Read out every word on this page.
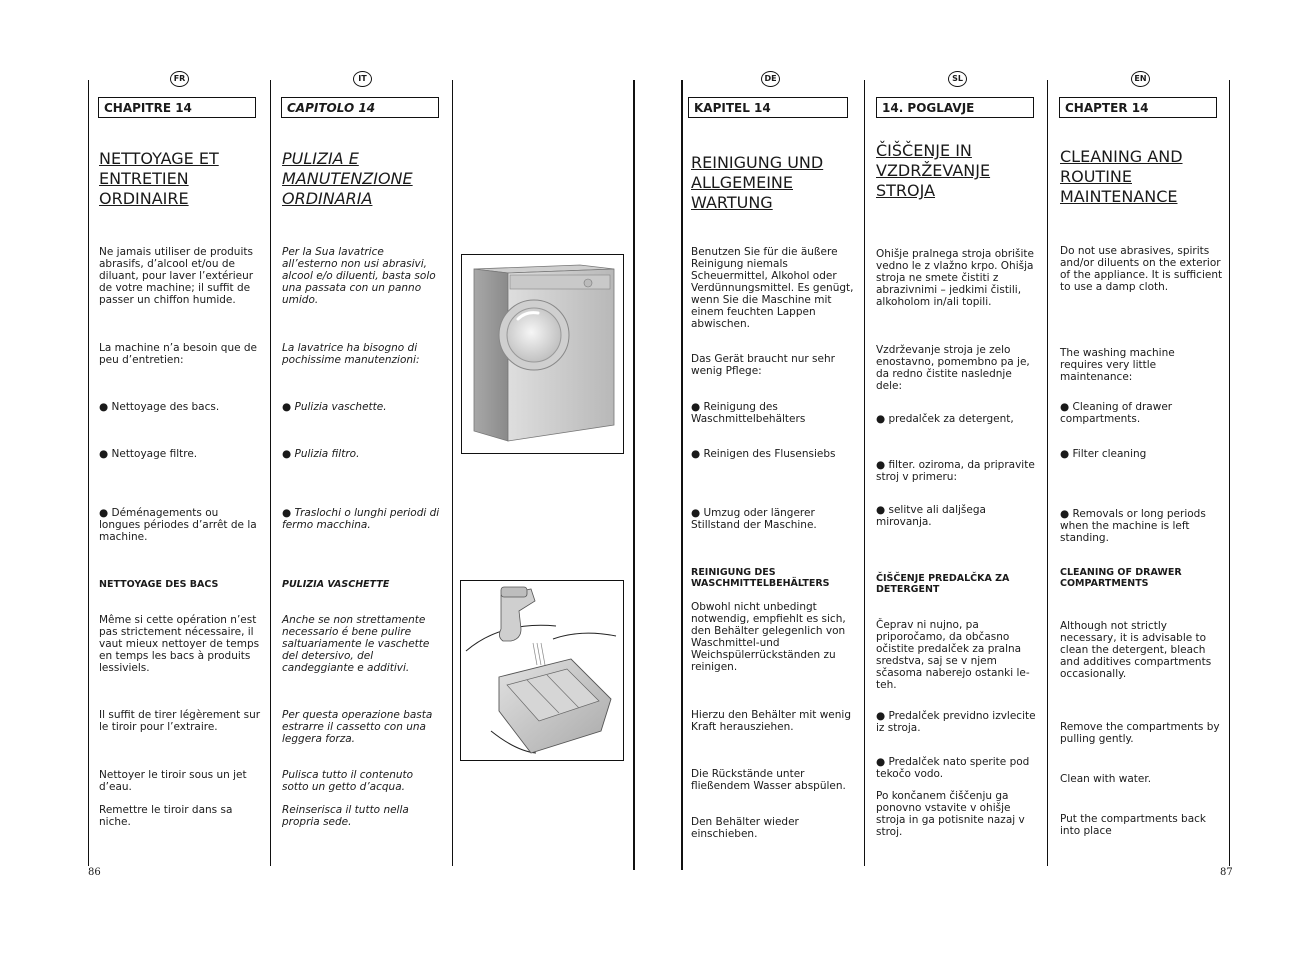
FR
CHAPITRE 14
NETTOYAGE ET ENTRETIEN ORDINAIRE
Ne jamais utiliser de produits abrasifs, d’alcool et/ou de diluant, pour laver l’extérieur de votre machine; il suffit de passer un chiffon humide.
La machine n’a besoin que de peu d’entretien:
● Nettoyage des bacs.
● Nettoyage filtre.
● Déménagements ou longues périodes d’arrêt de la machine.
NETTOYAGE DES BACS
Même si cette opération n’est pas strictement nécessaire, il vaut mieux nettoyer de temps en temps les bacs à produits lessiviels.
Il suffit de tirer légèrement sur le tiroir pour l’extraire.
Nettoyer le tiroir sous un jet d’eau.
Remettre le tiroir dans sa niche.
IT
CAPITOLO 14
PULIZIA E MANUTENZIONE ORDINARIA
Per la Sua lavatrice all’esterno non usi abrasivi, alcool e/o diluenti, basta solo una passata con un panno umido.
La lavatrice ha bisogno di pochissime manutenzioni:
● Pulizia vaschette.
● Pulizia filtro.
● Traslochi o lunghi periodi di fermo macchina.
PULIZIA VASCHETTE
Anche se non strettamente necessario é bene pulire saltuariamente le vaschette del detersivo, del candeggiante e additivi.
Per questa operazione basta estrarre il cassetto con una leggera forza.
Pulisca tutto il contenuto sotto un getto d’acqua.
Reinserisca il tutto nella propria sede.
86
DE
KAPITEL 14
REINIGUNG UND ALLGEMEINE WARTUNG
Benutzen Sie für die äußere Reinigung niemals Scheuermittel, Alkohol oder Verdünnungsmittel. Es genügt, wenn Sie die Maschine mit einem feuchten Lappen abwischen.
Das Gerät braucht nur sehr wenig Pflege:
● Reinigung des Waschmittelbehälters
● Reinigen des Flusensiebs
● Umzug oder längerer Stillstand der Maschine.
REINIGUNG DES WASCHMITTELBEHÄLTERS
Obwohl nicht unbedingt notwendig, empfiehlt es sich, den Behälter gelegenlich von Waschmittel-und Weichspülerrückständen zu reinigen.
Hierzu den Behälter mit wenig Kraft herausziehen.
Die Rückstände unter fließendem Wasser abspülen.
Den Behälter wieder einschieben.
SL
14. POGLAVJE
ČIŠČENJE IN VZDRŽEVANJE STROJA
Ohišje pralnega stroja obrišite vedno le z vlažno krpo. Ohišja stroja ne smete čistiti z abrazivnimi – jedkimi čistili, alkoholom in/ali topili.
Vzdrževanje stroja je zelo enostavno, pomembno pa je, da redno čistite naslednje dele:
● predalček za detergent,
● filter. oziroma, da pripravite stroj v primeru:
● selitve ali daljšega mirovanja.
ČIŠČENJE PREDALČKA ZA DETERGENT
Čeprav ni nujno, pa priporočamo, da občasno očistite predalček za pralna sredstva, saj se v njem sčasoma naberejo ostanki le-teh.
● Predalček previdno izvlecite iz stroja.
● Predalček nato sperite pod tekočo vodo.
Po končanem čiščenju ga ponovno vstavite v ohišje stroja in ga potisnite nazaj v stroj.
EN
CHAPTER 14
CLEANING AND ROUTINE MAINTENANCE
Do not use abrasives, spirits and/or diluents on the exterior of the appliance. It is sufficient to use a damp cloth.
The washing machine requires very little maintenance:
● Cleaning of drawer compartments.
● Filter cleaning
● Removals or long periods when the machine is left standing.
CLEANING OF DRAWER COMPARTMENTS
Although not strictly necessary, it is advisable to clean the detergent, bleach and additives compartments occasionally.
Remove the compartments by pulling gently.
Clean with water.
Put the compartments back into place
87
